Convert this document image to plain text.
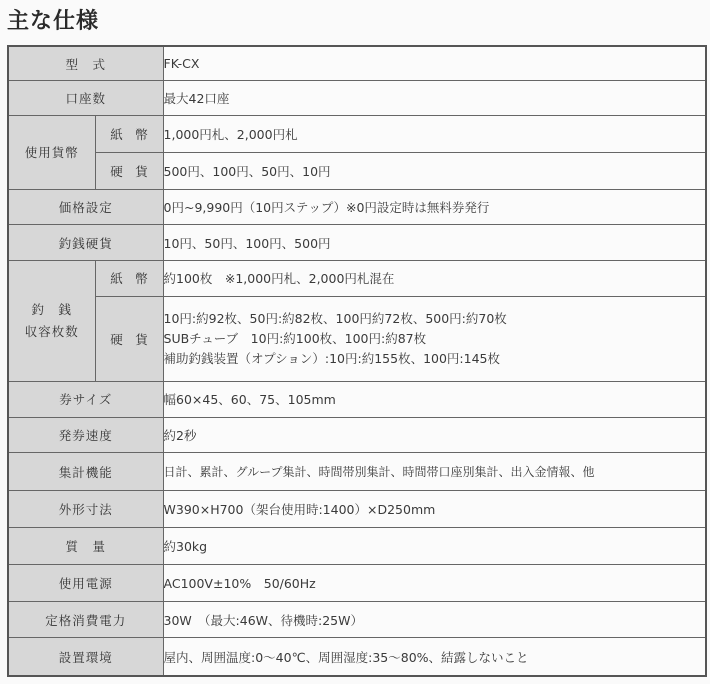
主な仕様
型　式		FK-CX
口座数		最大42口座
使用貨幣	紙　幣	1,000円札、2,000円札
	硬　貨	500円、100円、50円、10円
価格設定		0円~9,990円（10円ステップ）※0円設定時は無料券発行
釣銭硬貨		10円、50円、100円、500円

釣　銭
収容枚数	紙　幣	約100枚　※1,000円札、2,000円札混在
	硬　貨	10円:約92枚、50円:約82枚、100円約72枚、500円:約70枚
SUBチューブ　10円:約100枚、100円:約87枚
補助釣銭装置（オプション）:10円:約155枚、100円:145枚

券サイズ		幅60×45、60、75、105mm
発券速度		約2秒
集計機能		日計、累計、グループ集計、時間帯別集計、時間帯口座別集計、出入金情報、他
外形寸法		W390×H700（架台使用時:1400）×D250mm
質　量		約30kg
使用電源		AC100V±10%　50/60Hz
定格消費電力		30W　（最大:46W、待機時:25W）
設置環境		屋内、周囲温度:0～40℃、周囲湿度:35～80%、結露しないこと
